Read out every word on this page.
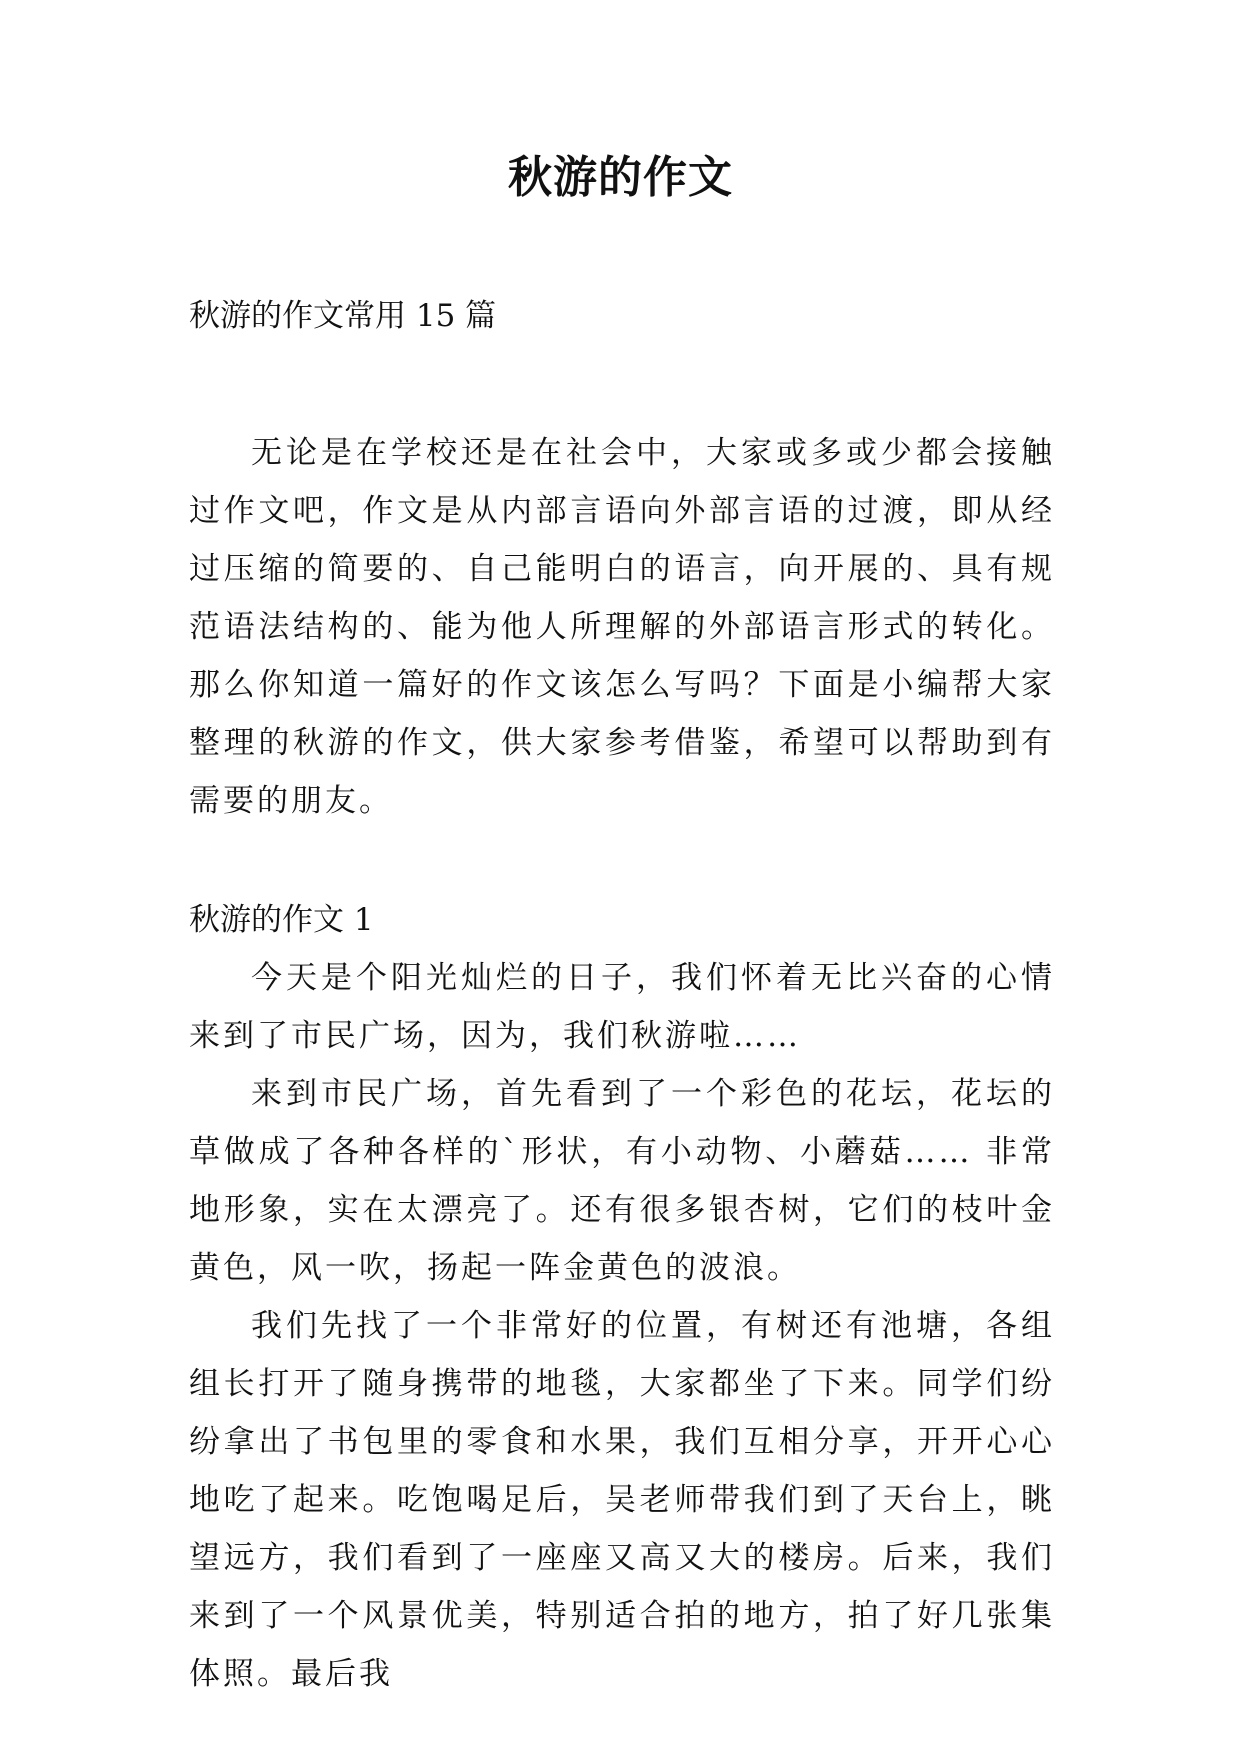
秋游的作文

秋游的作文常用 15 篇

无论是在学校还是在社会中，大家或多或少都会接触过作文吧，作文是从内部言语向外部言语的过渡，即从经过压缩的简要的、自己能明白的语言，向开展的、具有规范语法结构的、能为他人所理解的外部语言形式的转化。那么你知道一篇好的作文该怎么写吗？下面是小编帮大家整理的秋游的作文，供大家参考借鉴，希望可以帮助到有需要的朋友。

秋游的作文 1

今天是个阳光灿烂的日子，我们怀着无比兴奋的心情来到了市民广场，因为，我们秋游啦……

来到市民广场，首先看到了一个彩色的花坛，花坛的草做成了各种各样的`形状，有小动物、小蘑菇…… 非常地形象，实在太漂亮了。还有很多银杏树，它们的枝叶金黄色，风一吹，扬起一阵金黄色的波浪。

我们先找了一个非常好的位置，有树还有池塘，各组组长打开了随身携带的地毯，大家都坐了下来。同学们纷纷拿出了书包里的零食和水果，我们互相分享，开开心心地吃了起来。吃饱喝足后，吴老师带我们到了天台上，眺望远方，我们看到了一座座又高又大的楼房。后来，我们来到了一个风景优美，特别适合拍的地方，拍了好几张集体照。最后我
